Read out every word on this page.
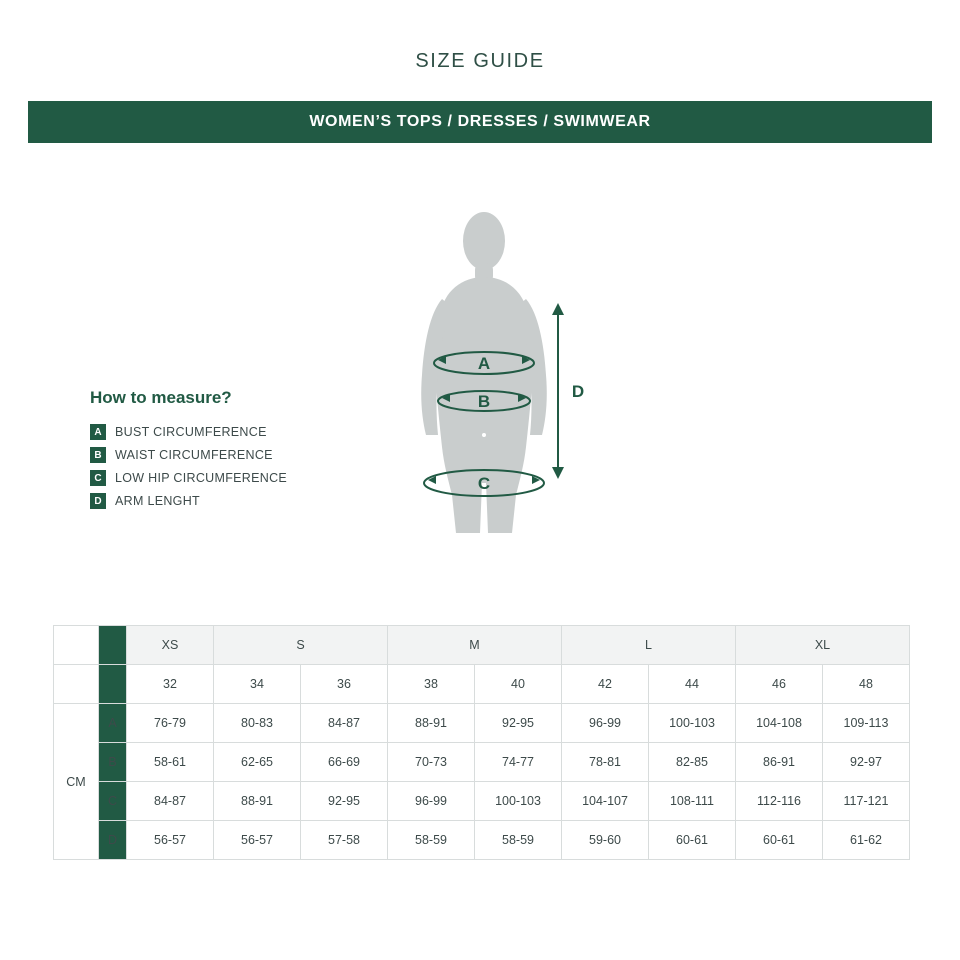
SIZE GUIDE
WOMEN’S TOPS / DRESSES / SWIMWEAR
How to measure?
A	BUST CIRCUMFERENCE
B	WAIST CIRCUMFERENCE
C	LOW HIP CIRCUMFERENCE
D	ARM LENGHT
A
B
C
D
		XS	S		M		L		XL	
		32	34	36	38	40	42	44	46	48
CM	A	76-79	80-83	84-87	88-91	92-95	96-99	100-103	104-108	109-113
	B	58-61	62-65	66-69	70-73	74-77	78-81	82-85	86-91	92-97
	C	84-87	88-91	92-95	96-99	100-103	104-107	108-111	112-116	117-121
	D	56-57	56-57	57-58	58-59	58-59	59-60	60-61	60-61	61-62
